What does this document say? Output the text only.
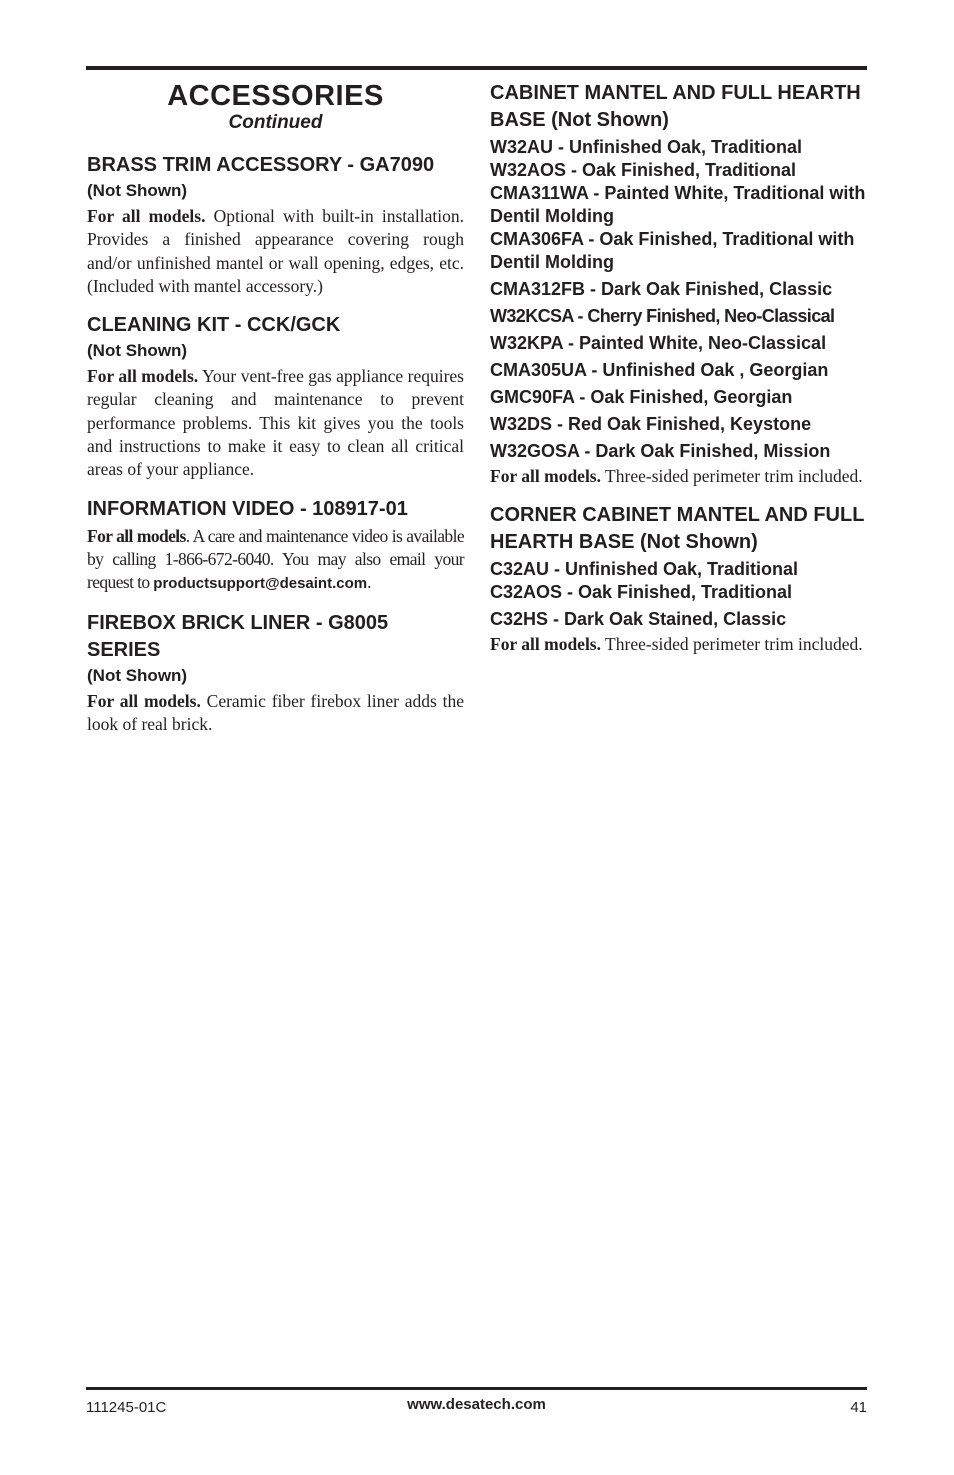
ACCESSORIES
Continued
BRASS TRIM ACCESSORY - GA7090
(Not Shown)

For all models. Optional with built-in installation. Provides a finished appearance covering rough and/or unfinished mantel or wall opening, edges, etc. (Included with mantel accessory.)

CLEANING KIT - CCK/GCK
(Not Shown)

For all models. Your vent-free gas appliance requires regular cleaning and maintenance to prevent performance problems. This kit gives you the tools and instructions to make it easy to clean all critical areas of your appliance.

INFORMATION VIDEO - 108917-01

For all models. A care and maintenance video is available by calling 1-866-672-6040. You may also email your request to productsupport@desaint.com.

FIREBOX BRICK LINER - G8005 SERIES
(Not Shown)

For all models. Ceramic fiber firebox liner adds the look of real brick.

CABINET MANTEL AND FULL HEARTH BASE (Not Shown)
W32AU - Unfinished Oak, Traditional
W32AOS - Oak Finished, Traditional
CMA311WA - Painted White, Traditional with Dentil Molding
CMA306FA - Oak Finished, Traditional with Dentil Molding
CMA312FB - Dark Oak Finished, Classic
W32KCSA - Cherry Finished, Neo-Classical
W32KPA - Painted White, Neo-Classical
CMA305UA - Unfinished Oak , Georgian
GMC90FA - Oak Finished, Georgian
W32DS - Red Oak Finished, Keystone
W32GOSA - Dark Oak Finished, Mission

For all models. Three-sided perimeter trim included.

CORNER CABINET MANTEL AND FULL HEARTH BASE (Not Shown)
C32AU - Unfinished Oak, Traditional
C32AOS - Oak Finished, Traditional
C32HS - Dark Oak Stained, Classic

For all models. Three-sided perimeter trim included.

111245-01C	www.desatech.com	41
